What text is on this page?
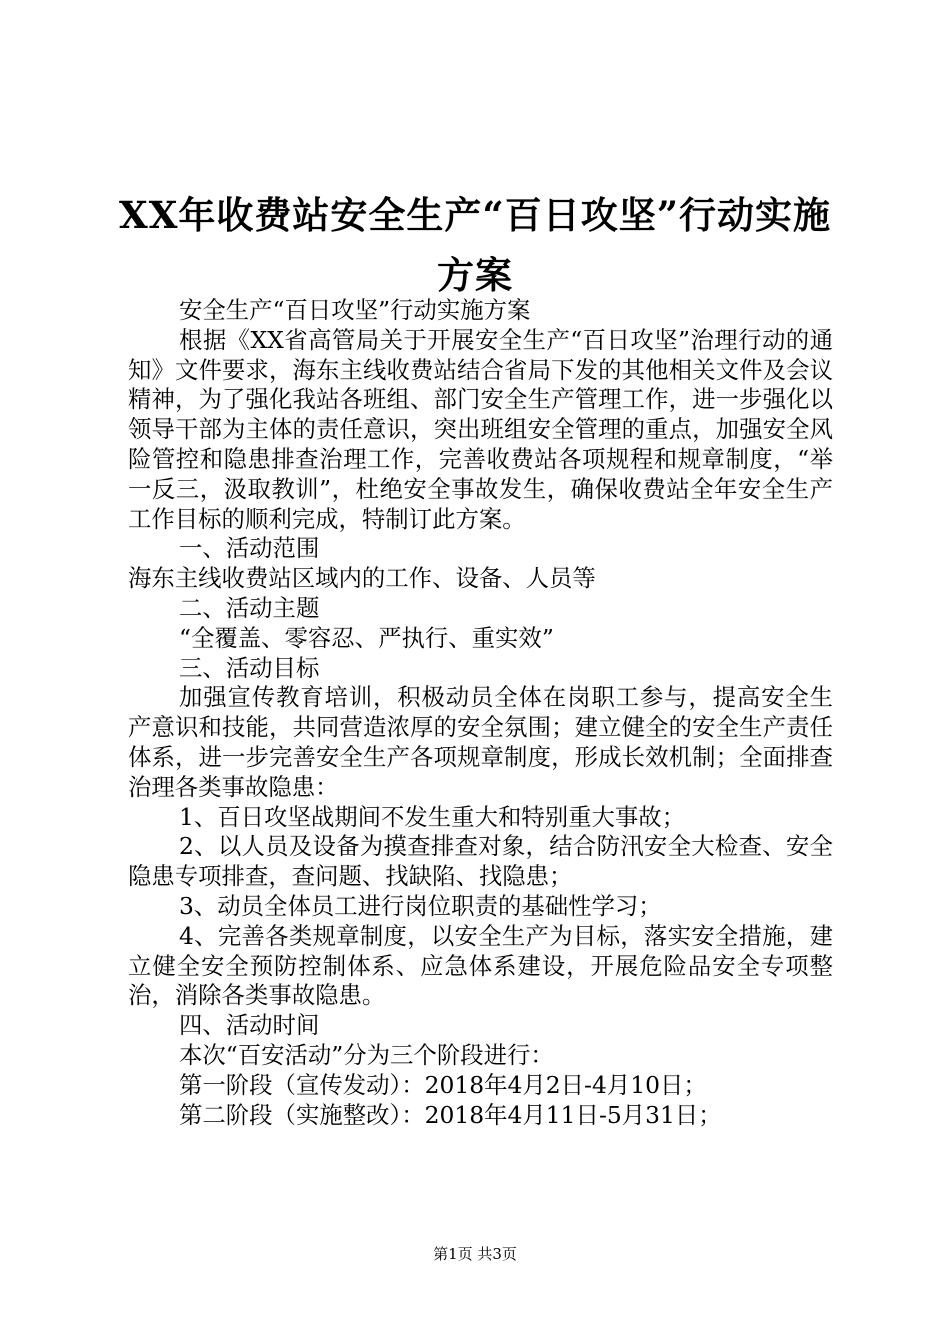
XX年收费站安全生产“百日攻坚”行动实施
方案

安全生产“百日攻坚”行动实施方案

根据《XX省高管局关于开展安全生产“百日攻坚”治理行动的通知》文件要求，海东主线收费站结合省局下发的其他相关文件及会议精神，为了强化我站各班组、部门安全生产管理工作，进一步强化以领导干部为主体的责任意识，突出班组安全管理的重点，加强安全风险管控和隐患排查治理工作，完善收费站各项规程和规章制度，“举一反三，汲取教训”，杜绝安全事故发生，确保收费站全年安全生产工作目标的顺利完成，特制订此方案。

一、活动范围

海东主线收费站区域内的工作、设备、人员等

二、活动主题

“全覆盖、零容忍、严执行、重实效”

三、活动目标

加强宣传教育培训，积极动员全体在岗职工参与，提高安全生产意识和技能，共同营造浓厚的安全氛围；建立健全的安全生产责任体系，进一步完善安全生产各项规章制度，形成长效机制；全面排查治理各类事故隐患：

1、百日攻坚战期间不发生重大和特别重大事故；

2、以人员及设备为摸查排查对象，结合防汛安全大检查、安全隐患专项排查，查问题、找缺陷、找隐患；

3、动员全体员工进行岗位职责的基础性学习；

4、完善各类规章制度，以安全生产为目标，落实安全措施，建立健全安全预防控制体系、应急体系建设，开展危险品安全专项整治，消除各类事故隐患。

四、活动时间

本次“百安活动”分为三个阶段进行：

第一阶段（宣传发动）：2018年4月2日-4月10日；

第二阶段（实施整改）：2018年4月11日-5月31日；

第1页 共3页
